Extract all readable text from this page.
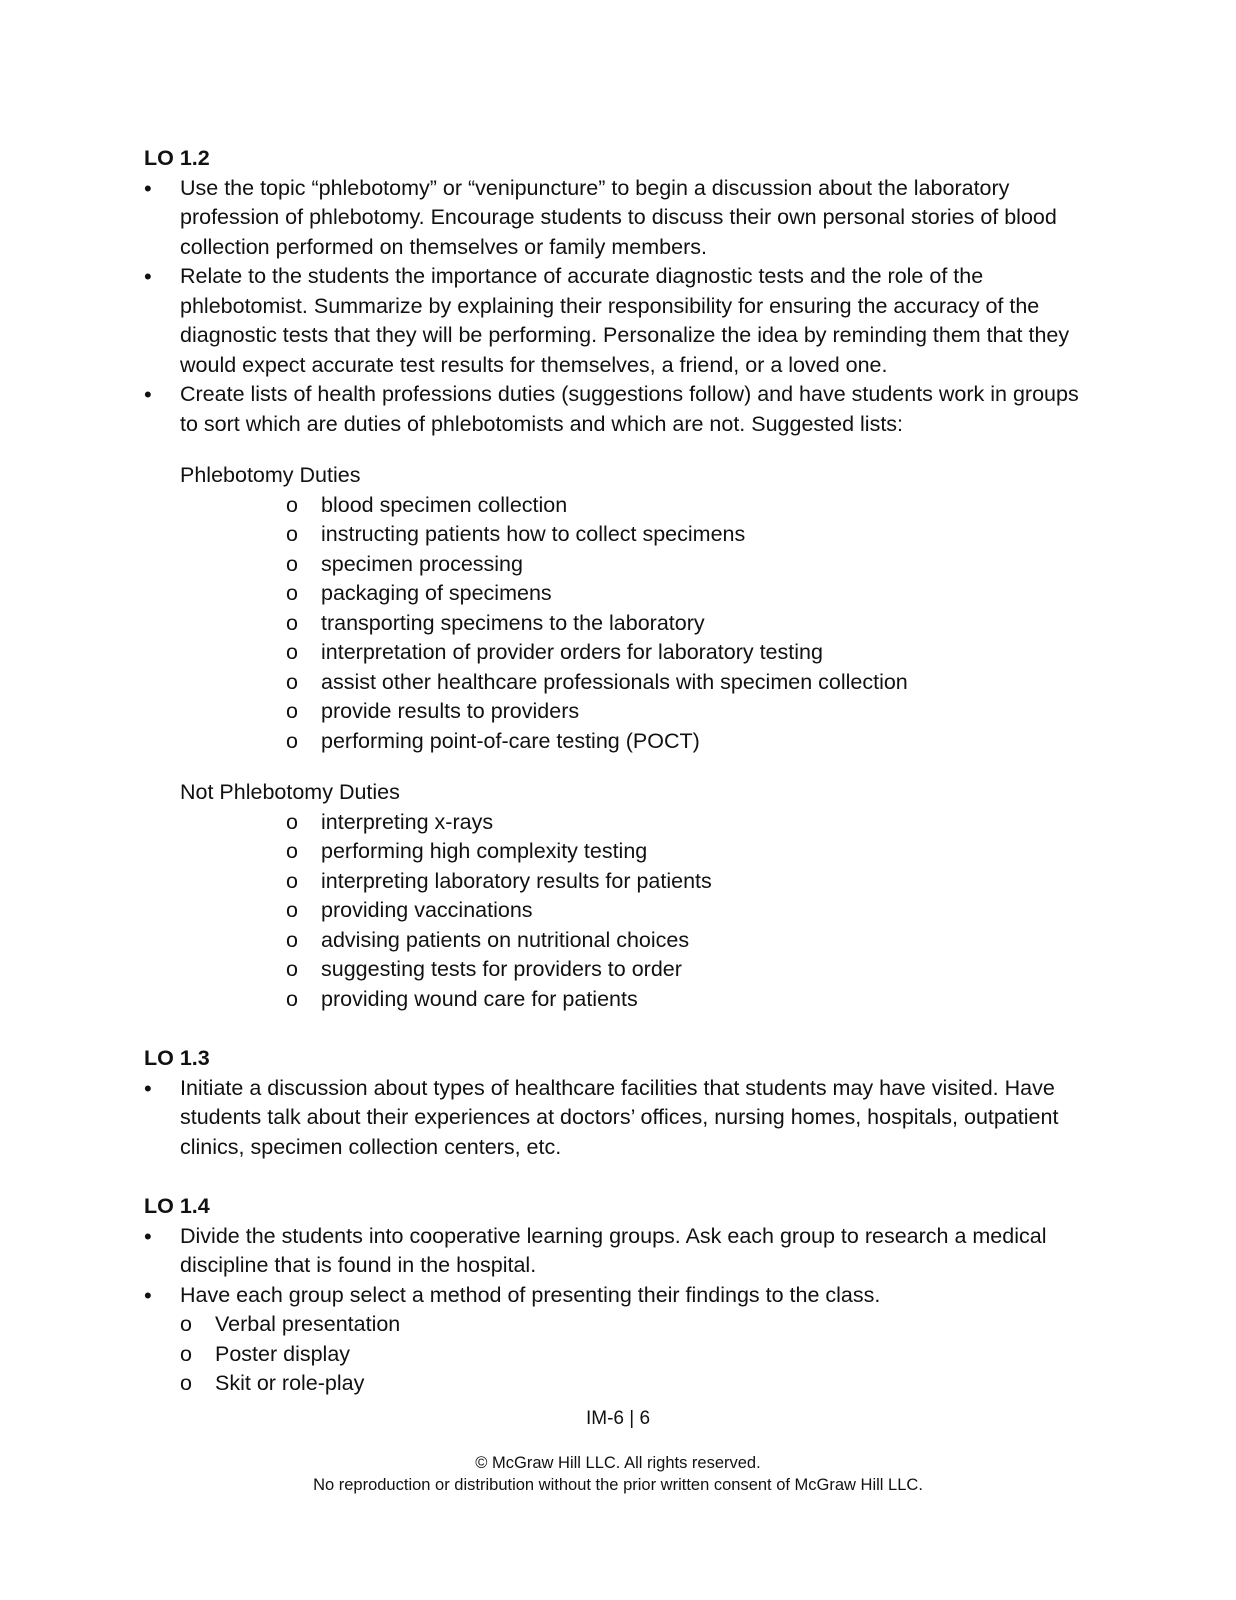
LO 1.2

• Use the topic “phlebotomy” or “venipuncture” to begin a discussion about the laboratory profession of phlebotomy. Encourage students to discuss their own personal stories of blood collection performed on themselves or family members.
• Relate to the students the importance of accurate diagnostic tests and the role of the phlebotomist. Summarize by explaining their responsibility for ensuring the accuracy of the diagnostic tests that they will be performing. Personalize the idea by reminding them that they would expect accurate test results for themselves, a friend, or a loved one.
• Create lists of health professions duties (suggestions follow) and have students work in groups to sort which are duties of phlebotomists and which are not. Suggested lists:
Phlebotomy Duties
o blood specimen collection
o instructing patients how to collect specimens
o specimen processing
o packaging of specimens
o transporting specimens to the laboratory
o interpretation of provider orders for laboratory testing
o assist other healthcare professionals with specimen collection
o provide results to providers
o performing point-of-care testing (POCT)
Not Phlebotomy Duties
o interpreting x-rays
o performing high complexity testing
o interpreting laboratory results for patients
o providing vaccinations
o advising patients on nutritional choices
o suggesting tests for providers to order
o providing wound care for patients

LO 1.3

• Initiate a discussion about types of healthcare facilities that students may have visited. Have students talk about their experiences at doctors’ offices, nursing homes, hospitals, outpatient clinics, specimen collection centers, etc.

LO 1.4

• Divide the students into cooperative learning groups. Ask each group to research a medical discipline that is found in the hospital.
• Have each group select a method of presenting their findings to the class.
o Verbal presentation
o Poster display
o Skit or role-play
IM-6 | 6
© McGraw Hill LLC. All rights reserved.
No reproduction or distribution without the prior written consent of McGraw Hill LLC.
